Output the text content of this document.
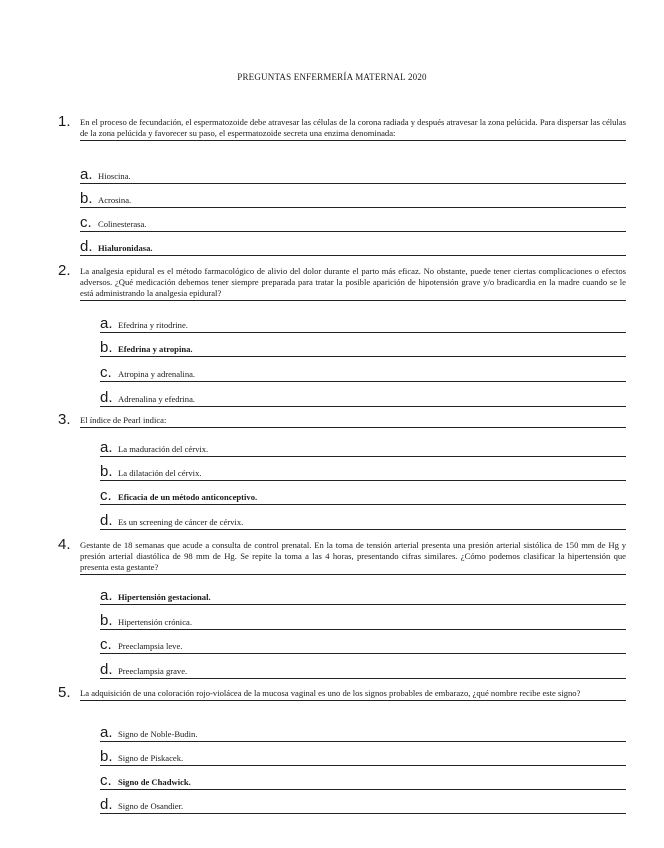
PREGUNTAS ENFERMERÍA MATERNAL 2020
1. En el proceso de fecundación, el espermatozoide debe atravesar las células de la corona radiada y después atravesar la zona pelúcida. Para dispersar las células de la zona pelúcida y favorecer su paso, el espermatozoide secreta una enzima denominada:
a. Hioscina.
b. Acrosina.
c. Colinesterasa.
d. Hialuronidasa.
2. La analgesia epidural es el método farmacológico de alivio del dolor durante el parto más eficaz. No obstante, puede tener ciertas complicaciones o efectos adversos. ¿Qué medicación debemos tener siempre preparada para tratar la posible aparición de hipotensión grave y/o bradicardia en la madre cuando se le está administrando la analgesia epidural?
a. Efedrina y ritodrine.
b. Efedrina y atropina.
c. Atropina y adrenalina.
d. Adrenalina y efedrina.
3. El índice de Pearl indica:
a. La maduración del cérvix.
b. La dilatación del cérvix.
c. Eficacia de un método anticonceptivo.
d. Es un screening de cáncer de cérvix.
4. Gestante de 18 semanas que acude a consulta de control prenatal. En la toma de tensión arterial presenta una presión arterial sistólica de 150 mm de Hg y presión arterial diastólica de 98 mm de Hg. Se repite la toma a las 4 horas, presentando cifras similares. ¿Cómo podemos clasificar la hipertensión que presenta esta gestante?
a. Hipertensión gestacional.
b. Hipertensión crónica.
c. Preeclampsia leve.
d. Preeclampsia grave.
5. La adquisición de una coloración rojo-violácea de la mucosa vaginal es uno de los signos probables de embarazo, ¿qué nombre recibe este signo?
a. Signo de Noble-Budin.
b. Signo de Piskacek.
c. Signo de Chadwick.
d. Signo de Osandier.
